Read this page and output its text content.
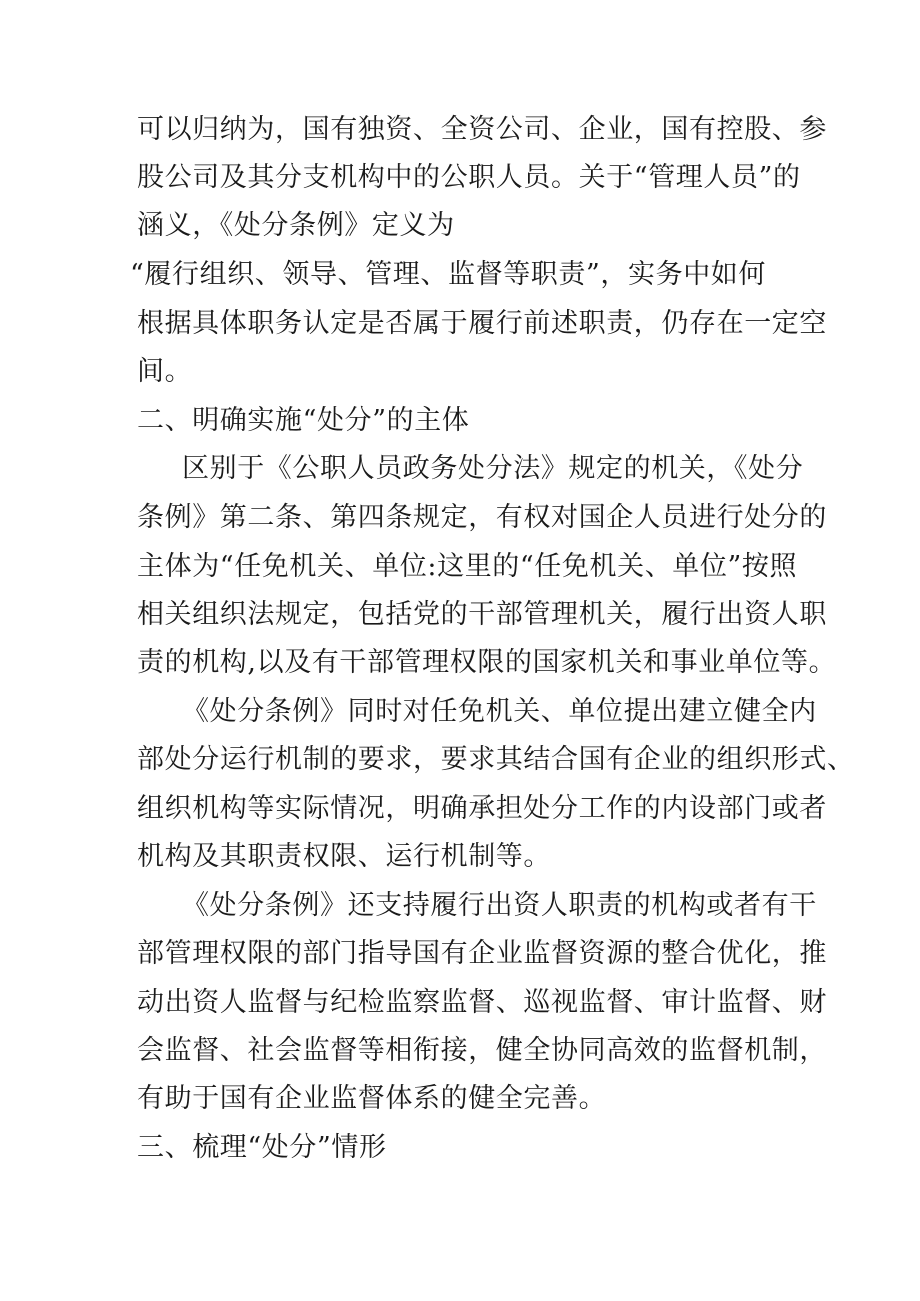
可以归纳为，国有独资、全资公司、企业，国有控股、参
股公司及其分支机构中的公职人员。关于“管理人员”的
涵义，《处分条例》定义为
“履行组织、领导、管理、监督等职责”，实务中如何
根据具体职务认定是否属于履行前述职责，仍存在一定空
间。
二、明确实施“处分”的主体
区别于《公职人员政务处分法》规定的机关，《处分
条例》第二条、第四条规定，有权对国企人员进行处分的
主体为“任免机关、单位:这里的“任免机关、单位”按照
相关组织法规定，包括党的干部管理机关，履行出资人职
责的机构,以及有干部管理权限的国家机关和事业单位等。
《处分条例》同时对任免机关、单位提出建立健全内
部处分运行机制的要求，要求其结合国有企业的组织形式、
组织机构等实际情况，明确承担处分工作的内设部门或者
机构及其职责权限、运行机制等。
《处分条例》还支持履行出资人职责的机构或者有干
部管理权限的部门指导国有企业监督资源的整合优化，推
动出资人监督与纪检监察监督、巡视监督、审计监督、财
会监督、社会监督等相衔接，健全协同高效的监督机制，
有助于国有企业监督体系的健全完善。
三、梳理“处分”情形
